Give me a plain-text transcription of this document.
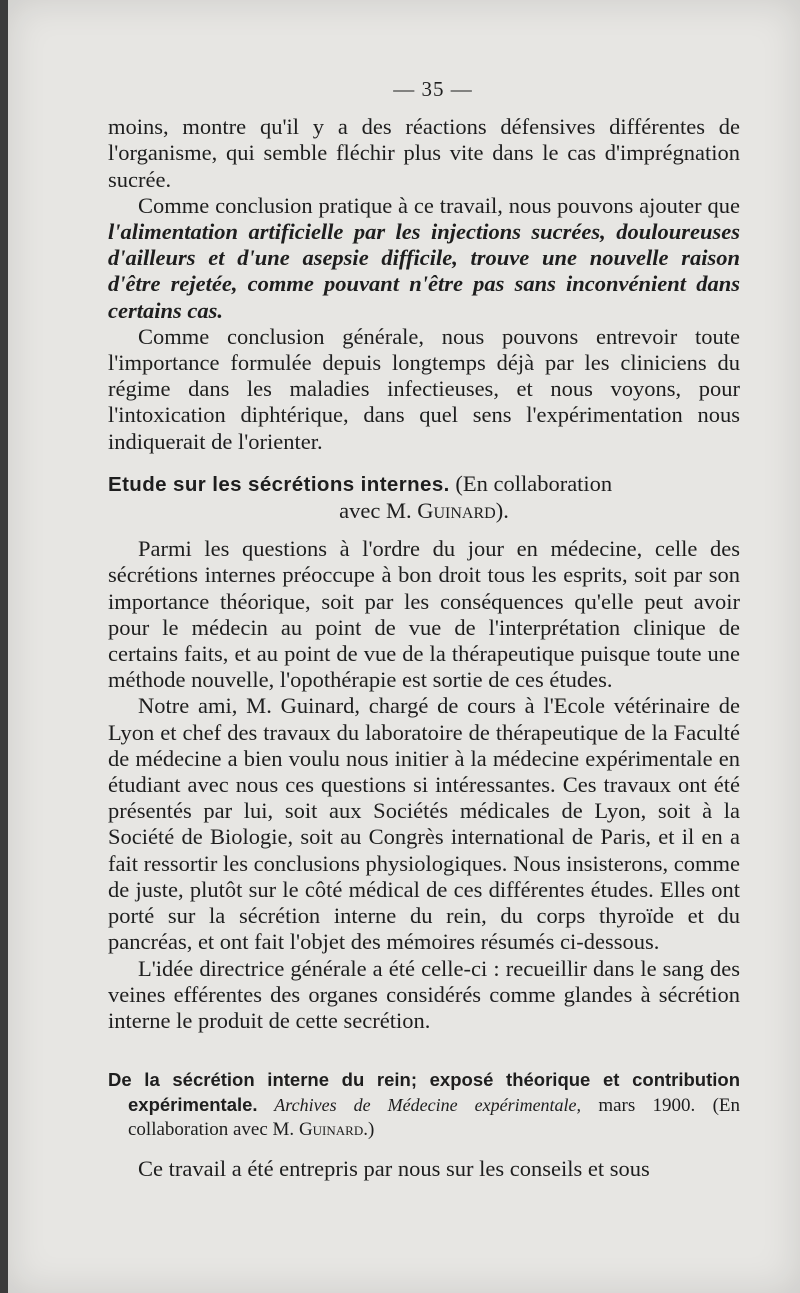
— 35 —

moins, montre qu'il y a des réactions défensives différentes de l'organisme, qui semble fléchir plus vite dans le cas d'imprégnation sucrée.

Comme conclusion pratique à ce travail, nous pouvons ajouter que l'alimentation artificielle par les injections sucrées, douloureuses d'ailleurs et d'une asepsie difficile, trouve une nouvelle raison d'être rejetée, comme pouvant n'être pas sans inconvénient dans certains cas.

Comme conclusion générale, nous pouvons entrevoir toute l'importance formulée depuis longtemps déjà par les cliniciens du régime dans les maladies infectieuses, et nous voyons, pour l'intoxication diphtérique, dans quel sens l'expérimentation nous indiquerait de l'orienter.

Etude sur les sécrétions internes. (En collaboration
avec M. Guinard).

Parmi les questions à l'ordre du jour en médecine, celle des sécrétions internes préoccupe à bon droit tous les esprits, soit par son importance théorique, soit par les conséquences qu'elle peut avoir pour le médecin au point de vue de l'interprétation clinique de certains faits, et au point de vue de la thérapeutique puisque toute une méthode nouvelle, l'opothérapie est sortie de ces études.

Notre ami, M. Guinard, chargé de cours à l'Ecole vétérinaire de Lyon et chef des travaux du laboratoire de thérapeutique de la Faculté de médecine a bien voulu nous initier à la médecine expérimentale en étudiant avec nous ces questions si intéressantes. Ces travaux ont été présentés par lui, soit aux Sociétés médicales de Lyon, soit à la Société de Biologie, soit au Congrès international de Paris, et il en a fait ressortir les conclusions physiologiques. Nous insisterons, comme de juste, plutôt sur le côté médical de ces différentes études. Elles ont porté sur la sécrétion interne du rein, du corps thyroïde et du pancréas, et ont fait l'objet des mémoires résumés ci-dessous.

L'idée directrice générale a été celle-ci : recueillir dans le sang des veines efférentes des organes considérés comme glandes à sécrétion interne le produit de cette secrétion.

De la sécrétion interne du rein; exposé théorique et contribution expérimentale. Archives de Médecine expérimentale, mars 1900. (En collaboration avec M. Guinard.)

Ce travail a été entrepris par nous sur les conseils et sous
